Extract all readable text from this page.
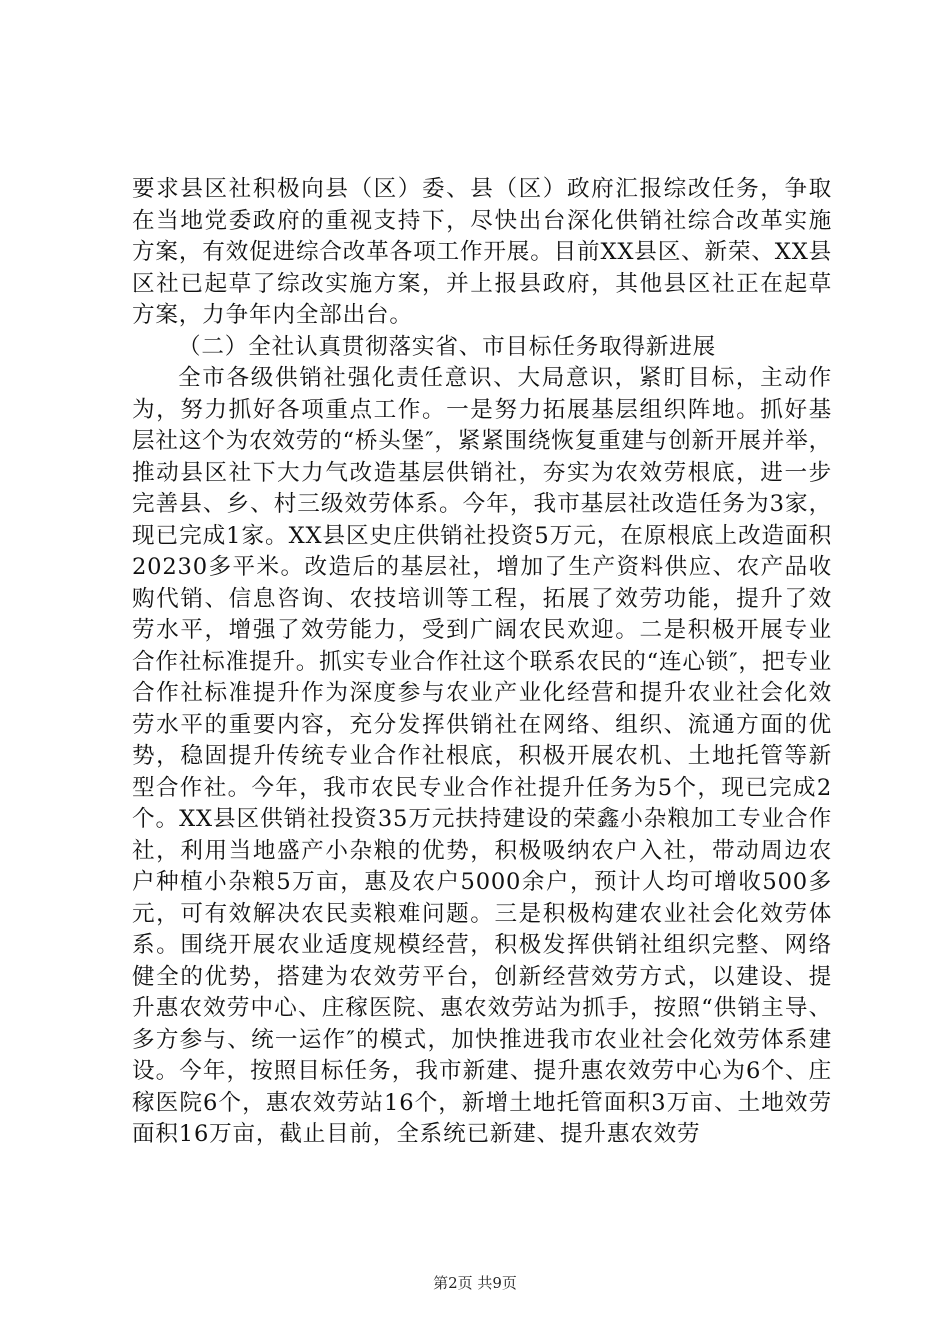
要求县区社积极向县（区）委、县（区）政府汇报综改任务，争取在当地党委政府的重视支持下，尽快出台深化供销社综合改革实施方案，有效促进综合改革各项工作开展。目前XX县区、新荣、XX县区社已起草了综改实施方案，并上报县政府，其他县区社正在起草方案，力争年内全部出台。

（二）全社认真贯彻落实省、市目标任务取得新进展

全市各级供销社强化责任意识、大局意识，紧盯目标，主动作为，努力抓好各项重点工作。一是努力拓展基层组织阵地。抓好基层社这个为农效劳的“桥头堡″，紧紧围绕恢复重建与创新开展并举，推动县区社下大力气改造基层供销社，夯实为农效劳根底，进一步完善县、乡、村三级效劳体系。今年，我市基层社改造任务为3家，现已完成1家。XX县区史庄供销社投资5万元，在原根底上改造面积20230多平米。改造后的基层社，增加了生产资料供应、农产品收购代销、信息咨询、农技培训等工程，拓展了效劳功能，提升了效劳水平，增强了效劳能力，受到广阔农民欢迎。二是积极开展专业合作社标准提升。抓实专业合作社这个联系农民的“连心锁″，把专业合作社标准提升作为深度参与农业产业化经营和提升农业社会化效劳水平的重要内容，充分发挥供销社在网络、组织、流通方面的优势，稳固提升传统专业合作社根底，积极开展农机、土地托管等新型合作社。今年，我市农民专业合作社提升任务为5个，现已完成2个。XX县区供销社投资35万元扶持建设的荣鑫小杂粮加工专业合作社，利用当地盛产小杂粮的优势，积极吸纳农户入社，带动周边农户种植小杂粮5万亩，惠及农户5000余户，预计人均可增收500多元，可有效解决农民卖粮难问题。三是积极构建农业社会化效劳体系。围绕开展农业适度规模经营，积极发挥供销社组织完整、网络健全的优势，搭建为农效劳平台，创新经营效劳方式，以建设、提升惠农效劳中心、庄稼医院、惠农效劳站为抓手，按照“供销主导、多方参与、统一运作″的模式，加快推进我市农业社会化效劳体系建设。今年，按照目标任务，我市新建、提升惠农效劳中心为6个、庄稼医院6个，惠农效劳站16个，新增土地托管面积3万亩、土地效劳面积16万亩，截止目前，全系统已新建、提升惠农效劳

第2页 共9页
